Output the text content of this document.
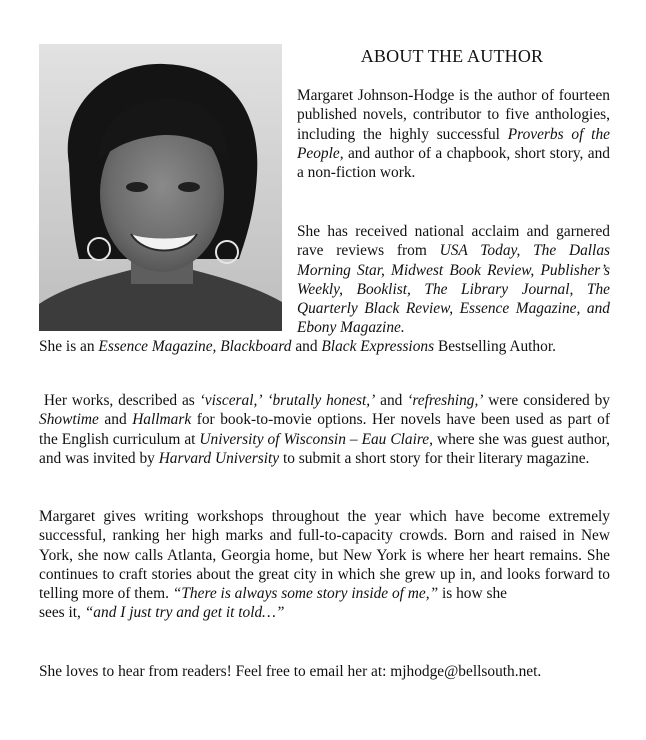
ABOUT THE AUTHOR

Margaret Johnson-Hodge is the author of fourteen published novels, contributor to five anthologies, including the highly successful Proverbs of the People, and author of a chapbook, short story, and a non-fiction work.

She has received national acclaim and garnered rave reviews from USA Today, The Dallas Morning Star, Midwest Book Review, Publisher’s Weekly, Booklist, The Library Journal, The Quarterly Black Review, Essence Magazine, and Ebony Magazine.

She is an Essence Magazine, Blackboard and Black Expressions Bestselling Author.

Her works, described as ‘visceral,’ ‘brutally honest,’ and ‘refreshing,’ were considered by Showtime and Hallmark for book-to-movie options. Her novels have been used as part of the English curriculum at University of Wisconsin – Eau Claire, where she was guest author, and was invited by Harvard University to submit a short story for their literary magazine.

Margaret gives writing workshops throughout the year which have become extremely successful, ranking her high marks and full-to-capacity crowds. Born and raised in New York, she now calls Atlanta, Georgia home, but New York is where her heart remains. She continues to craft stories about the great city in which she grew up in, and looks forward to telling more of them. “There is always some story inside of me,” is how she
sees it, “and I just try and get it told…”

She loves to hear from readers! Feel free to email her at: mjhodge@bellsouth.net.
